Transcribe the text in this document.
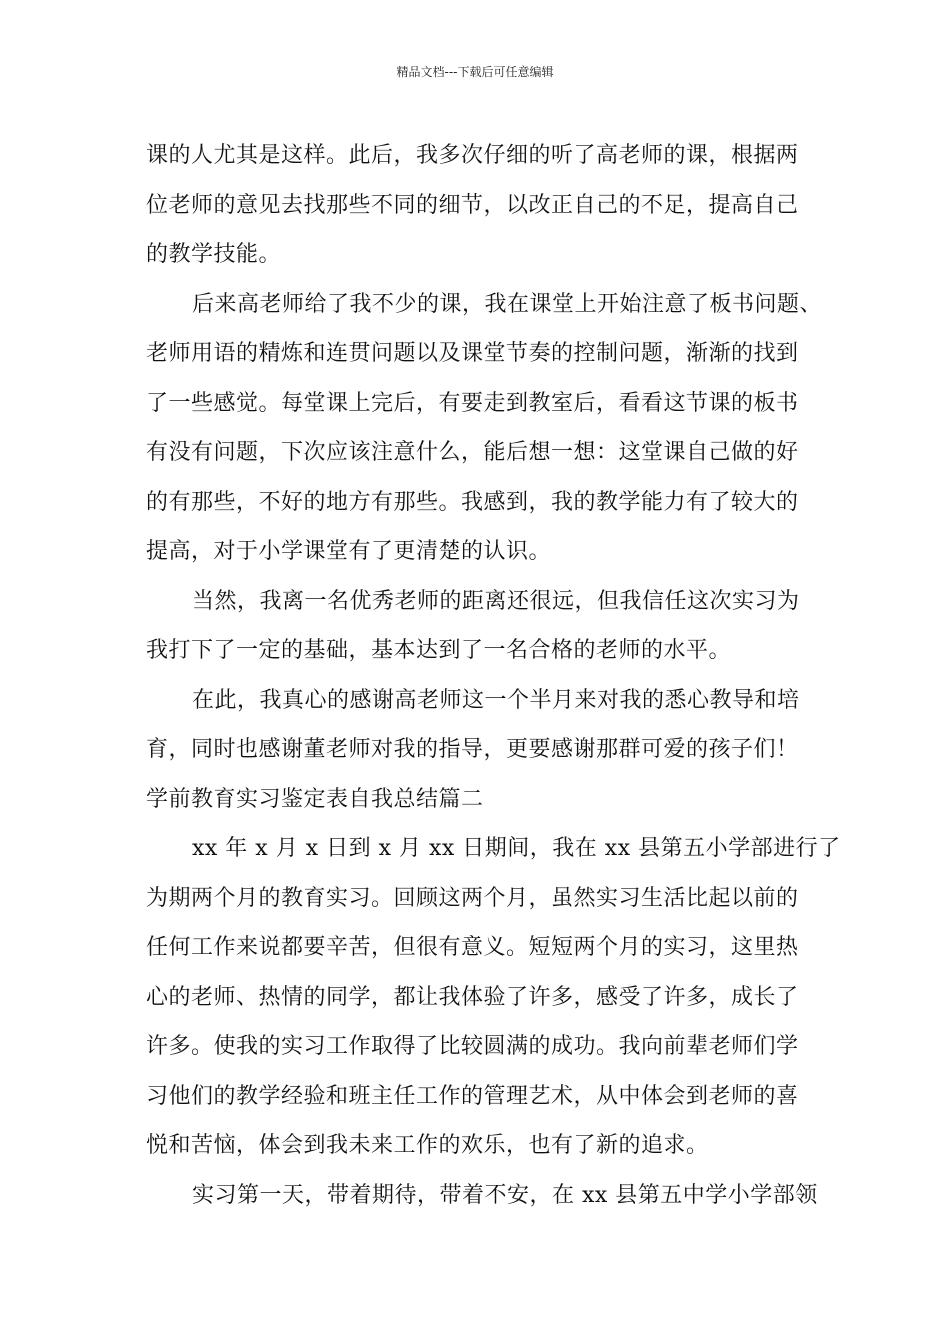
精品文档---下载后可任意编辑
课的人尤其是这样。此后，我多次仔细的听了高老师的课，根据两
位老师的意见去找那些不同的细节，以改正自己的不足，提高自己
的教学技能。
后来高老师给了我不少的课，我在课堂上开始注意了板书问题、
老师用语的精炼和连贯问题以及课堂节奏的控制问题，渐渐的找到
了一些感觉。每堂课上完后，有要走到教室后，看看这节课的板书
有没有问题，下次应该注意什么，能后想一想：这堂课自己做的好
的有那些，不好的地方有那些。我感到，我的教学能力有了较大的
提高，对于小学课堂有了更清楚的认识。
当然，我离一名优秀老师的距离还很远，但我信任这次实习为
我打下了一定的基础，基本达到了一名合格的老师的水平。
在此，我真心的感谢高老师这一个半月来对我的悉心教导和培
育，同时也感谢董老师对我的指导，更要感谢那群可爱的孩子们！
学前教育实习鉴定表自我总结篇二
xx 年 x 月 x 日到 x 月 xx 日期间，我在 xx 县第五小学部进行了
为期两个月的教育实习。回顾这两个月，虽然实习生活比起以前的
任何工作来说都要辛苦，但很有意义。短短两个月的实习，这里热
心的老师、热情的同学，都让我体验了许多，感受了许多，成长了
许多。使我的实习工作取得了比较圆满的成功。我向前辈老师们学
习他们的教学经验和班主任工作的管理艺术，从中体会到老师的喜
悦和苦恼，体会到我未来工作的欢乐，也有了新的追求。
实习第一天，带着期待，带着不安，在 xx 县第五中学小学部领
